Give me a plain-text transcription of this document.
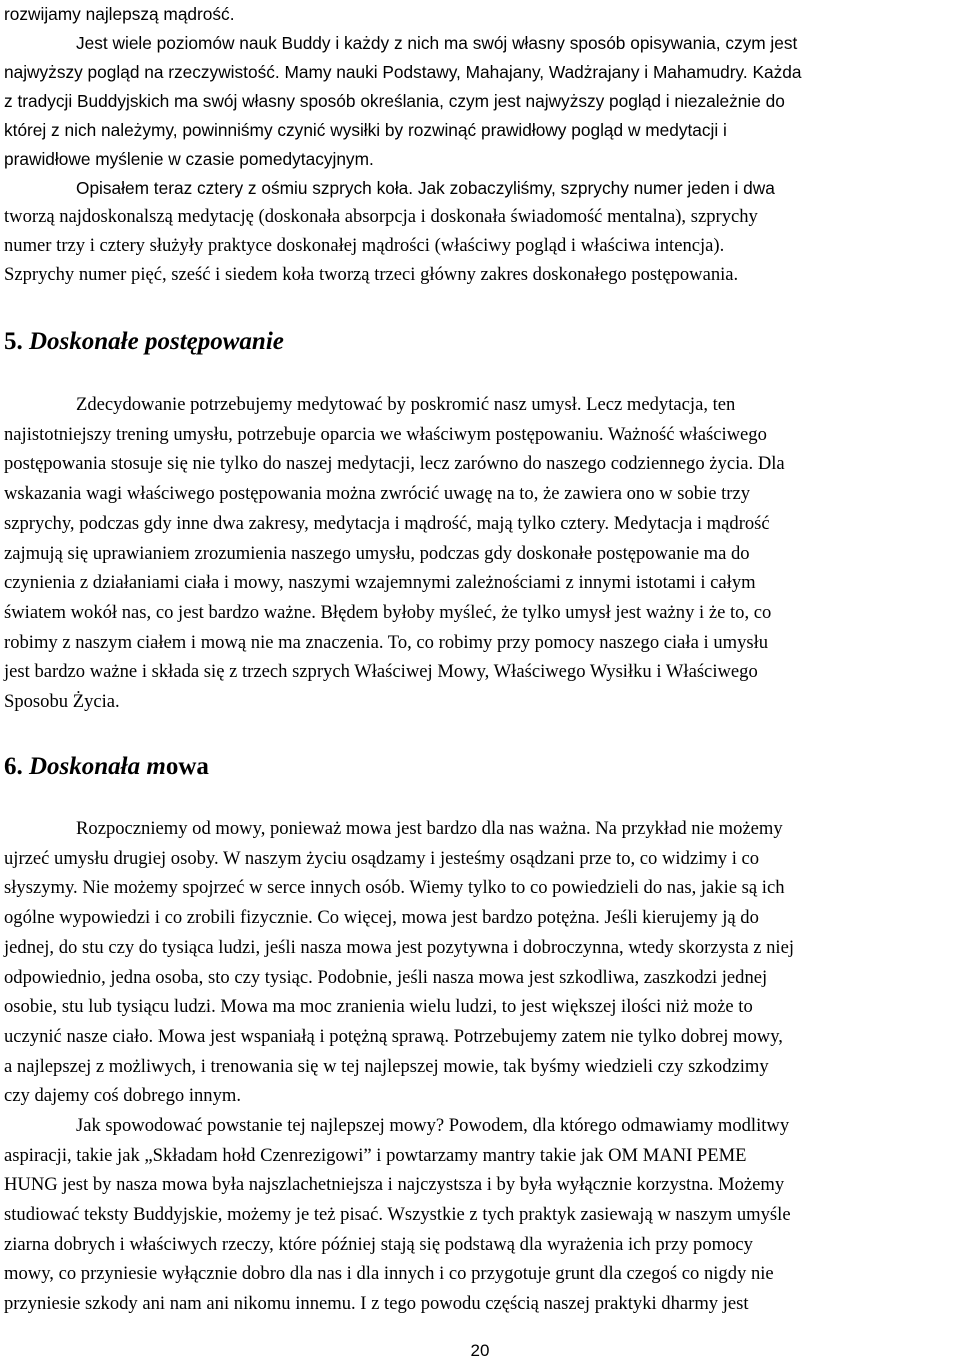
rozwijamy najlepszą mądrość.
Jest wiele poziomów nauk Buddy i każdy z nich ma swój własny sposób opisywania, czym jest
najwyższy pogląd na rzeczywistość. Mamy nauki Podstawy, Mahajany, Wadżrajany i Mahamudry. Każda
z tradycji Buddyjskich ma swój własny sposób określania, czym jest najwyższy pogląd i niezależnie do
której z nich należymy, powinniśmy czynić wysiłki by rozwinąć prawidłowy pogląd w medytacji i
prawidłowe myślenie w czasie pomedytacyjnym.
Opisałem teraz cztery z ośmiu szprych koła. Jak zobaczyliśmy, szprychy numer jeden i dwa
tworzą najdoskonalszą medytację (doskonała absorpcja i doskonała świadomość mentalna), szprychy
numer trzy i cztery służyły praktyce doskonałej mądrości (właściwy pogląd i właściwa intencja).
Szprychy numer pięć, sześć i siedem koła tworzą trzeci główny zakres doskonałego postępowania.
5. Doskonałe postępowanie
Zdecydowanie potrzebujemy medytować by poskromić nasz umysł. Lecz medytacja, ten
najistotniejszy trening umysłu, potrzebuje oparcia we właściwym postępowaniu. Ważność właściwego
postępowania stosuje się nie tylko do naszej medytacji, lecz zarówno do naszego codziennego życia. Dla
wskazania wagi właściwego postępowania można zwrócić uwagę na to, że zawiera ono w sobie trzy
szprychy, podczas gdy inne dwa zakresy, medytacja i mądrość, mają tylko cztery. Medytacja i mądrość
zajmują się uprawianiem zrozumienia naszego umysłu, podczas gdy doskonałe postępowanie ma do
czynienia z działaniami ciała i mowy, naszymi wzajemnymi zależnościami z innymi istotami i całym
światem wokół nas, co jest bardzo ważne. Błędem byłoby myśleć, że tylko umysł jest ważny i że to, co
robimy z naszym ciałem i mową nie ma znaczenia. To, co robimy przy pomocy naszego ciała i umysłu
jest bardzo ważne i składa się z trzech szprych Właściwej Mowy, Właściwego Wysiłku i Właściwego
Sposobu Życia.
6. Doskonała mowa
Rozpoczniemy od mowy, ponieważ mowa jest bardzo dla nas ważna. Na przykład nie możemy
ujrzeć umysłu drugiej osoby. W naszym życiu osądzamy i jesteśmy osądzani prze to, co widzimy i co
słyszymy. Nie możemy spojrzeć w serce innych osób. Wiemy tylko to co powiedzieli do nas, jakie są ich
ogólne wypowiedzi i co zrobili fizycznie. Co więcej, mowa jest bardzo potężna. Jeśli kierujemy ją do
jednej, do stu czy do tysiąca ludzi, jeśli nasza mowa jest pozytywna i dobroczynna, wtedy skorzysta z niej
odpowiednio, jedna osoba, sto czy tysiąc. Podobnie, jeśli nasza mowa jest szkodliwa, zaszkodzi jednej
osobie, stu lub tysiącu ludzi. Mowa ma moc zranienia wielu ludzi, to jest większej ilości niż może to
uczynić nasze ciało. Mowa jest wspaniałą i potężną sprawą. Potrzebujemy zatem nie tylko dobrej mowy,
a najlepszej z możliwych, i trenowania się w tej najlepszej mowie, tak byśmy wiedzieli czy szkodzimy
czy dajemy coś dobrego innym.
Jak spowodować powstanie tej najlepszej mowy? Powodem, dla którego odmawiamy modlitwy
aspiracji, takie jak „Składam hołd Czenrezigowi” i powtarzamy mantry takie jak OM MANI PEME
HUNG jest by nasza mowa była najszlachetniejsza i najczystsza i by była wyłącznie korzystna. Możemy
studiować teksty Buddyjskie, możemy je też pisać. Wszystkie z tych praktyk zasiewają w naszym umyśle
ziarna dobrych i właściwych rzeczy, które później stają się podstawą dla wyrażenia ich przy pomocy
mowy, co przyniesie wyłącznie dobro dla nas i dla innych i co przygotuje grunt dla czegoś co nigdy nie
przyniesie szkody ani nam ani nikomu innemu. I z tego powodu częścią naszej praktyki dharmy jest
20
